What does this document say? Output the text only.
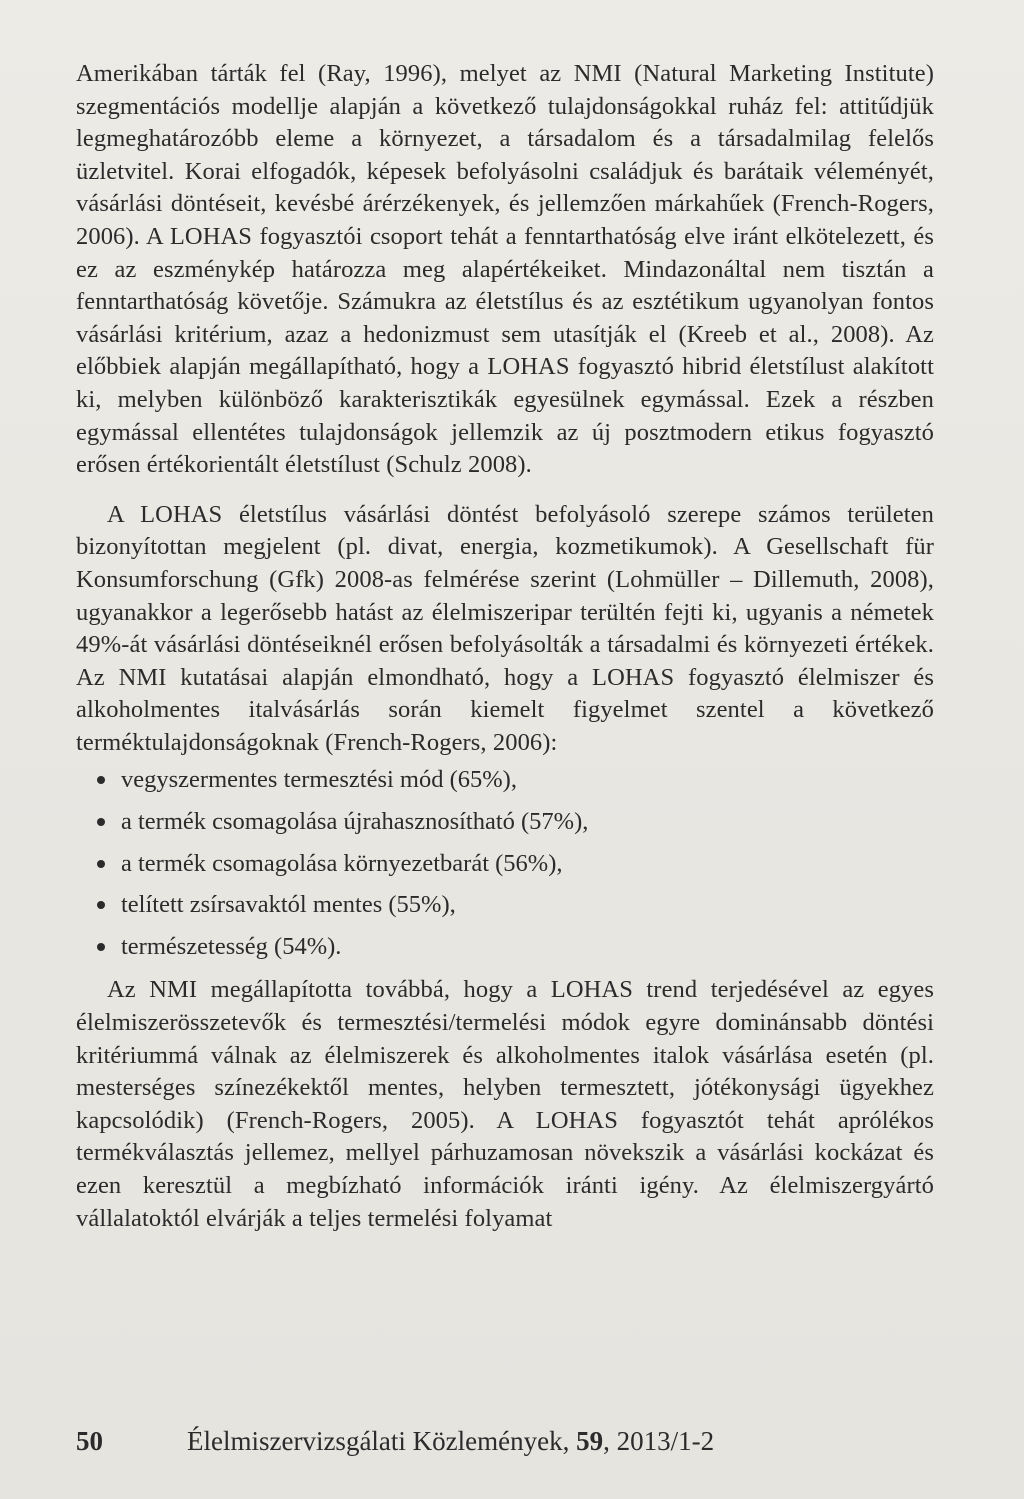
Amerikában tárták fel (Ray, 1996), melyet az NMI (Natural Marketing Institute) szegmentációs modellje alapján a következő tulajdonságokkal ruház fel: attitűdjük legmeghatározóbb eleme a környezet, a társadalom és a társadalmilag felelős üzletvitel. Korai elfogadók, képesek befolyásolni családjuk és barátaik véleményét, vásárlási döntéseit, kevésbé árérzékenyek, és jellemzően márkahűek (French-Rogers, 2006). A LOHAS fogyasztói csoport tehát a fenntarthatóság elve iránt elkötelezett, és ez az eszménykép határozza meg alapértékeiket. Mindazonáltal nem tisztán a fenntarthatóság követője. Számukra az életstílus és az esztétikum ugyanolyan fontos vásárlási kritérium, azaz a hedonizmust sem utasítják el (Kreeb et al., 2008). Az előbbiek alapján megállapítható, hogy a LOHAS fogyasztó hibrid életstílust alakított ki, melyben különböző karakterisztikák egyesülnek egymással. Ezek a részben egymással ellentétes tulajdonságok jellemzik az új posztmodern etikus fogyasztó erősen értékorientált életstílust (Schulz 2008).

A LOHAS életstílus vásárlási döntést befolyásoló szerepe számos területen bizonyítottan megjelent (pl. divat, energia, kozmetikumok). A Gesellschaft für Konsumforschung (Gfk) 2008-as felmérése szerint (Lohmüller – Dillemuth, 2008), ugyanakkor a legerősebb hatást az élelmiszeripar terültén fejti ki, ugyanis a németek 49%-át vásárlási döntéseiknél erősen befolyásolták a társadalmi és környezeti értékek. Az NMI kutatásai alapján elmondható, hogy a LOHAS fogyasztó élelmiszer és alkoholmentes italvásárlás során kiemelt figyelmet szentel a következő terméktulajdonságoknak (French-Rogers, 2006):

vegyszermentes termesztési mód (65%),
a termék csomagolása újrahasznosítható (57%),
a termék csomagolása környezetbarát (56%),
telített zsírsavaktól mentes (55%),
természetesség (54%).

Az NMI megállapította továbbá, hogy a LOHAS trend terjedésével az egyes élelmiszerösszetevők és termesztési/termelési módok egyre dominánsabb döntési kritériummá válnak az élelmiszerek és alkoholmentes italok vásárlása esetén (pl. mesterséges színezékektől mentes, helyben termesztett, jótékonysági ügyekhez kapcsolódik) (French-Rogers, 2005). A LOHAS fogyasztót tehát aprólékos termékválasztás jellemez, mellyel párhuzamosan növekszik a vásárlási kockázat és ezen keresztül a megbízható információk iránti igény. Az élelmiszergyártó vállalatoktól elvárják a teljes termelési folyamat

50	Élelmiszervizsgálati Közlemények, 59, 2013/1-2
